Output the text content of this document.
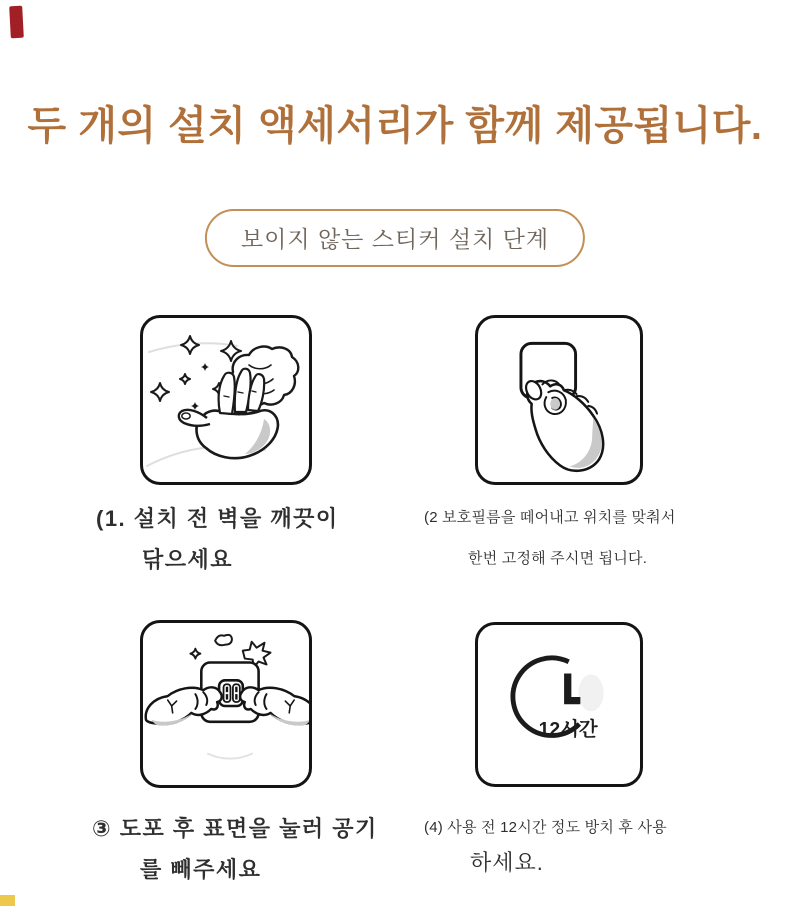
두 개의 설치 액세서리가 함께 제공됩니다.
보이지 않는 스티커 설치 단계
12시간
(1. 설치 전 벽을 깨끗이
닦으세요
(2 보호필름을 떼어내고 위치를 맞춰서
한번 고정해 주시면 됩니다.
③ 도포 후 표면을 눌러 공기
를 빼주세요
(4) 사용 전 12시간 정도 방치 후 사용
하세요.
